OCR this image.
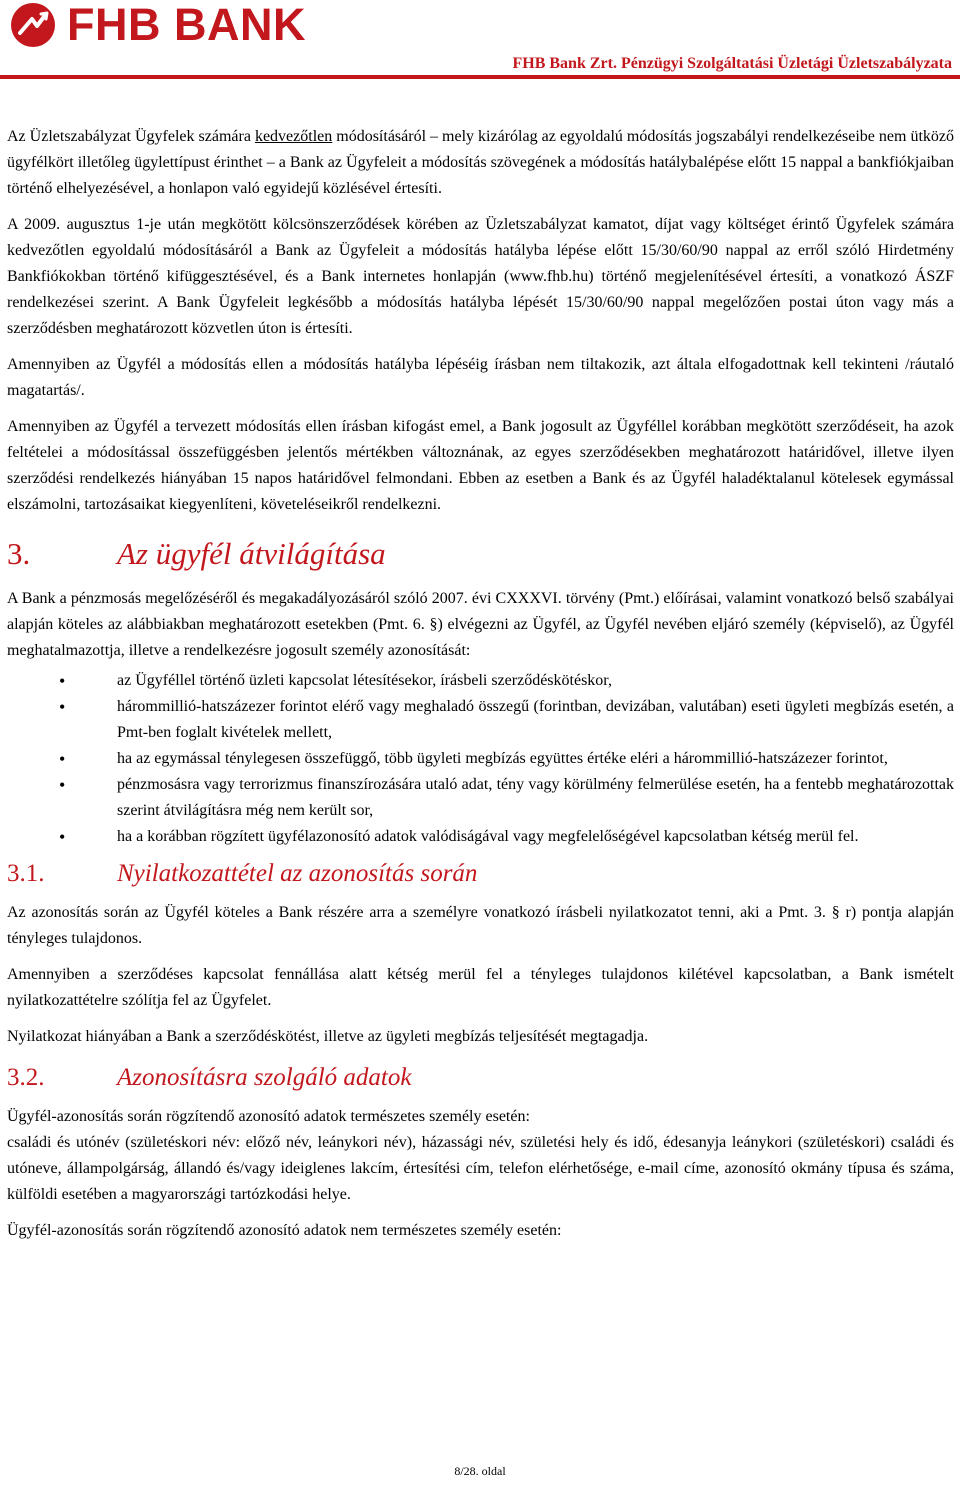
FHB BANK
FHB Bank Zrt. Pénzügyi Szolgáltatási Üzletági Üzletszabályzata

Az Üzletszabályzat Ügyfelek számára kedvezőtlen módosításáról – mely kizárólag az egyoldalú módosítás jogszabályi rendelkezéseibe nem ütköző ügyfélkört illetőleg ügylettípust érinthet – a Bank az Ügyfeleit a módosítás szövegének a módosítás hatálybalépése előtt 15 nappal a bankfiókjaiban történő elhelyezésével, a honlapon való egyidejű közlésével értesíti.

A 2009. augusztus 1-je után megkötött kölcsönszerződések körében az Üzletszabályzat kamatot, díjat vagy költséget érintő Ügyfelek számára kedvezőtlen egyoldalú módosításáról a Bank az Ügyfeleit a módosítás hatályba lépése előtt 15/30/60/90 nappal az erről szóló Hirdetmény Bankfiókokban történő kifüggesztésével, és a Bank internetes honlapján (www.fhb.hu) történő megjelenítésével értesíti, a vonatkozó ÁSZF rendelkezései szerint. A Bank Ügyfeleit legkésőbb a módosítás hatályba lépését 15/30/60/90 nappal megelőzően postai úton vagy más a szerződésben meghatározott közvetlen úton is értesíti.

Amennyiben az Ügyfél a módosítás ellen a módosítás hatályba lépéséig írásban nem tiltakozik, azt általa elfogadottnak kell tekinteni /ráutaló magatartás/.

Amennyiben az Ügyfél a tervezett módosítás ellen írásban kifogást emel, a Bank jogosult az Ügyféllel korábban megkötött szerződéseit, ha azok feltételei a módosítással összefüggésben jelentős mértékben változnának, az egyes szerződésekben meghatározott határidővel, illetve ilyen szerződési rendelkezés hiányában 15 napos határidővel felmondani. Ebben az esetben a Bank és az Ügyfél haladéktalanul kötelesek egymással elszámolni, tartozásaikat kiegyenlíteni, követeléseikről rendelkezni.

3.	Az ügyfél átvilágítása

A Bank a pénzmosás megelőzéséről és megakadályozásáról szóló 2007. évi CXXXVI. törvény (Pmt.) előírásai, valamint vonatkozó belső szabályai alapján köteles az alábbiakban meghatározott esetekben (Pmt. 6. §) elvégezni az Ügyfél, az Ügyfél nevében eljáró személy (képviselő), az Ügyfél meghatalmazottja, illetve a rendelkezésre jogosult személy azonosítását:

• az Ügyféllel történő üzleti kapcsolat létesítésekor, írásbeli szerződéskötéskor,
• hárommillió-hatszázezer forintot elérő vagy meghaladó összegű (forintban, devizában, valutában) eseti ügyleti megbízás esetén, a Pmt-ben foglalt kivételek mellett,
• ha az egymással ténylegesen összefüggő, több ügyleti megbízás együttes értéke eléri a hárommillió-hatszázezer forintot,
• pénzmosásra vagy terrorizmus finanszírozására utaló adat, tény vagy körülmény felmerülése esetén, ha a fentebb meghatározottak szerint átvilágításra még nem került sor,
• ha a korábban rögzített ügyfélazonosító adatok valódiságával vagy megfelelőségével kapcsolatban kétség merül fel.
3.1.	Nyilatkozattétel az azonosítás során

Az azonosítás során az Ügyfél köteles a Bank részére arra a személyre vonatkozó írásbeli nyilatkozatot tenni, aki a Pmt. 3. § r) pontja alapján tényleges tulajdonos.

Amennyiben a szerződéses kapcsolat fennállása alatt kétség merül fel a tényleges tulajdonos kilétével kapcsolatban, a Bank ismételt nyilatkozattételre szólítja fel az Ügyfelet.

Nyilatkozat hiányában a Bank a szerződéskötést, illetve az ügyleti megbízás teljesítését megtagadja.

3.2.	Azonosításra szolgáló adatok

Ügyfél-azonosítás során rögzítendő azonosító adatok természetes személy esetén:

családi és utónév (születéskori név: előző név, leánykori név), házassági név, születési hely és idő, édesanyja leánykori (születéskori) családi és utóneve, állampolgárság, állandó és/vagy ideiglenes lakcím, értesítési cím, telefon elérhetősége, e-mail címe, azonosító okmány típusa és száma, külföldi esetében a magyarországi tartózkodási helye.

Ügyfél-azonosítás során rögzítendő azonosító adatok nem természetes személy esetén:

8/28. oldal
